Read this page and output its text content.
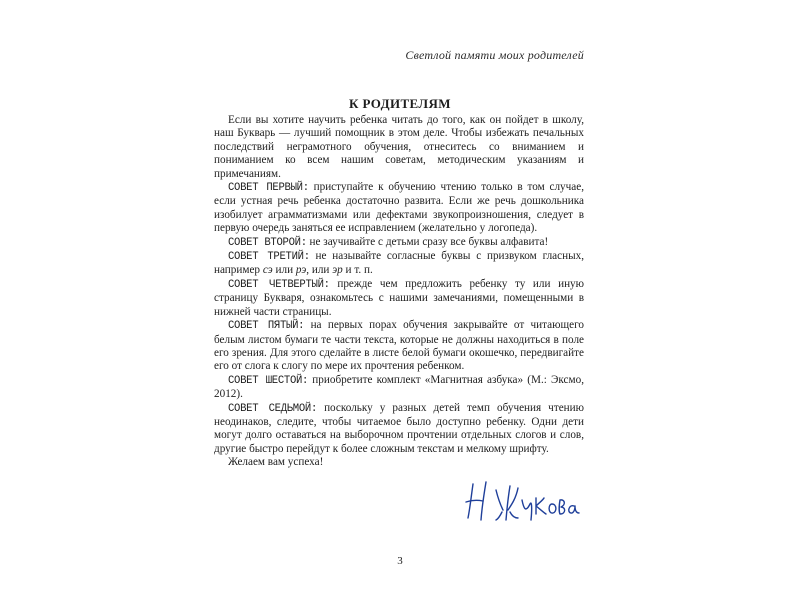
Светлой памяти моих родителей
К РОДИТЕЛЯМ

Если вы хотите научить ребенка читать до того, как он пойдет в школу, наш Букварь — лучший помощник в этом деле. Чтобы избежать печальных последствий неграмотного обучения, отнеситесь со вниманием и пониманием ко всем нашим советам, методическим указаниям и примечаниям.

СОВЕТ ПЕРВЫЙ: приступайте к обучению чтению только в том случае, если устная речь ребенка достаточно развита. Если же речь дошкольника изобилует аграмматизмами или дефектами звукопроизношения, следует в первую очередь заняться ее исправлением (желательно у логопеда).

СОВЕТ ВТОРОЙ: не заучивайте с детьми сразу все буквы алфавита!

СОВЕТ ТРЕТИЙ: не называйте согласные буквы с призвуком гласных, например сэ или рэ, или эр и т. п.

СОВЕТ ЧЕТВЕРТЫЙ: прежде чем предложить ребенку ту или иную страницу Букваря, ознакомьтесь с нашими замечаниями, помещенными в нижней части страницы.

СОВЕТ ПЯТЫЙ: на первых порах обучения закрывайте от читающего белым листом бумаги те части текста, которые не должны находиться в поле его зрения. Для этого сделайте в листе белой бумаги окошечко, передвигайте его от слога к слогу по мере их прочтения ребенком.

СОВЕТ ШЕСТОЙ: приобретите комплект «Магнитная азбука» (М.: Эксмо, 2012).

СОВЕТ СЕДЬМОЙ: поскольку у разных детей темп обучения чтению неодинаков, следите, чтобы читаемое было доступно ребенку. Одни дети могут долго оставаться на выборочном прочтении отдельных слогов и слов, другие быстро перейдут к более сложным текстам и мелкому шрифту.

Желаем вам успеха!

3
